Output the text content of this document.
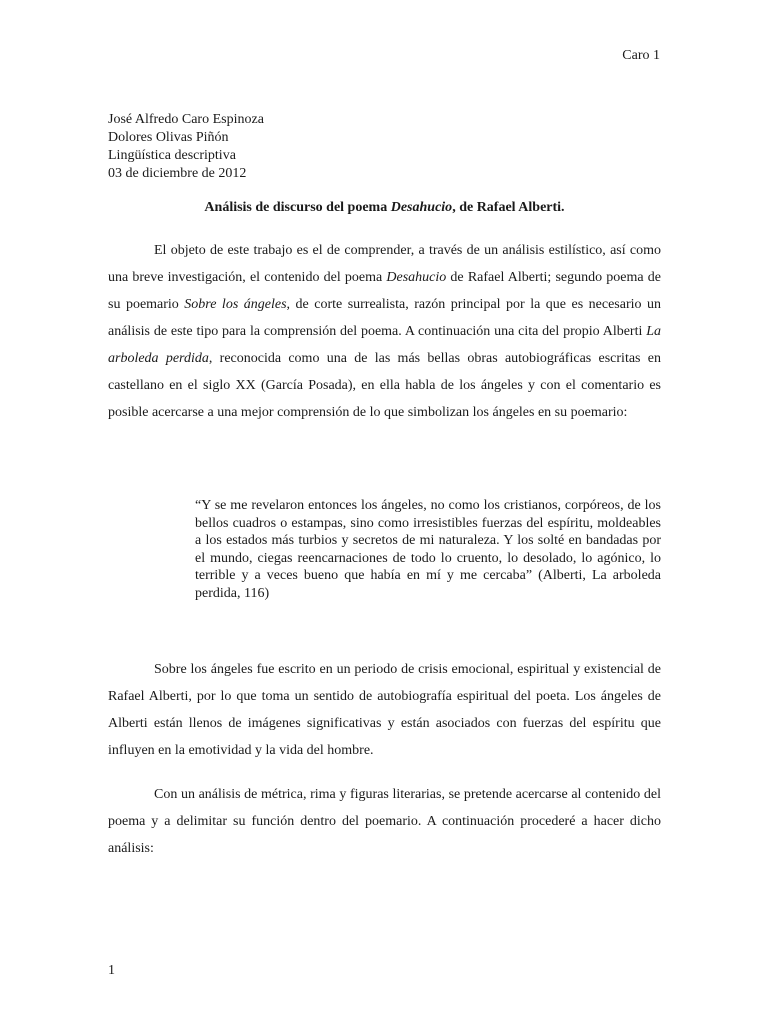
Caro 1
José Alfredo Caro Espinoza
Dolores Olivas Piñón
Lingüística descriptiva
03 de diciembre de 2012
Análisis de discurso del poema Desahucio, de Rafael Alberti.

El objeto de este trabajo es el de comprender, a través de un análisis estilístico, así como una breve investigación, el contenido del poema Desahucio de Rafael Alberti; segundo poema de su poemario Sobre los ángeles, de corte surrealista, razón principal por la que es necesario un análisis de este tipo para la comprensión del poema. A continuación una cita del propio Alberti La arboleda perdida, reconocida como una de las más bellas obras autobiográficas escritas en castellano en el siglo XX (García Posada), en ella habla de los ángeles y con el comentario es posible acercarse a una mejor comprensión de lo que simbolizan los ángeles en su poemario:

“Y se me revelaron entonces los ángeles, no como los cristianos, corpóreos, de los bellos cuadros o estampas, sino como irresistibles fuerzas del espíritu, moldeables a los estados más turbios y secretos de mi naturaleza. Y los solté en bandadas por el mundo, ciegas reencarnaciones de todo lo cruento, lo desolado, lo agónico, lo terrible y a veces bueno que había en mí y me cercaba” (Alberti, La arboleda perdida, 116)

Sobre los ángeles fue escrito en un periodo de crisis emocional, espiritual y existencial de Rafael Alberti, por lo que toma un sentido de autobiografía espiritual del poeta. Los ángeles de Alberti están llenos de imágenes significativas y están asociados con fuerzas del espíritu que influyen en la emotividad y la vida del hombre.

Con un análisis de métrica, rima y figuras literarias, se pretende acercarse al contenido del poema y a delimitar su función dentro del poemario. A continuación procederé a hacer dicho análisis:

1
